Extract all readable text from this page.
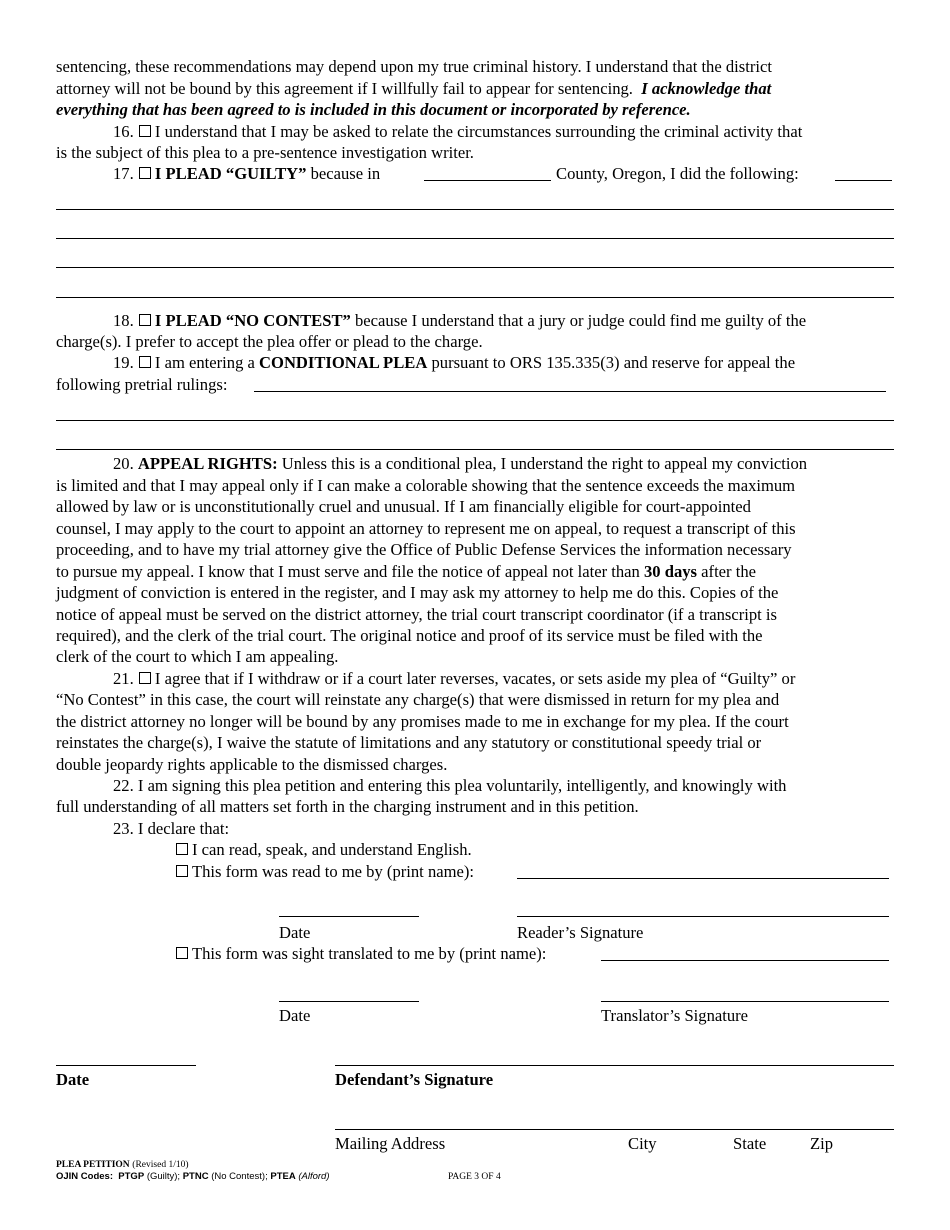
sentencing, these recommendations may depend upon my true criminal history. I understand that the district
attorney will not be bound by this agreement if I willfully fail to appear for sentencing. I acknowledge that
everything that has been agreed to is included in this document or incorporated by reference.
16. I understand that I may be asked to relate the circumstances surrounding the criminal activity that
is the subject of this plea to a pre-sentence investigation writer.
17. I PLEAD “GUILTY” because in	County, Oregon, I did the following:
18. I PLEAD “NO CONTEST” because I understand that a jury or judge could find me guilty of the
charge(s). I prefer to accept the plea offer or plead to the charge.
19. I am entering a CONDITIONAL PLEA pursuant to ORS 135.335(3) and reserve for appeal the
following pretrial rulings:
20. APPEAL RIGHTS: Unless this is a conditional plea, I understand the right to appeal my conviction
is limited and that I may appeal only if I can make a colorable showing that the sentence exceeds the maximum
allowed by law or is unconstitutionally cruel and unusual. If I am financially eligible for court-appointed
counsel, I may apply to the court to appoint an attorney to represent me on appeal, to request a transcript of this
proceeding, and to have my trial attorney give the Office of Public Defense Services the information necessary
to pursue my appeal. I know that I must serve and file the notice of appeal not later than 30 days after the
judgment of conviction is entered in the register, and I may ask my attorney to help me do this. Copies of the
notice of appeal must be served on the district attorney, the trial court transcript coordinator (if a transcript is
required), and the clerk of the trial court. The original notice and proof of its service must be filed with the
clerk of the court to which I am appealing.
21. I agree that if I withdraw or if a court later reverses, vacates, or sets aside my plea of “Guilty” or
“No Contest” in this case, the court will reinstate any charge(s) that were dismissed in return for my plea and
the district attorney no longer will be bound by any promises made to me in exchange for my plea. If the court
reinstates the charge(s), I waive the statute of limitations and any statutory or constitutional speedy trial or
double jeopardy rights applicable to the dismissed charges.
22. I am signing this plea petition and entering this plea voluntarily, intelligently, and knowingly with
full understanding of all matters set forth in the charging instrument and in this petition.
23. I declare that:
I can read, speak, and understand English.
This form was read to me by (print name):
Date	Reader’s Signature
This form was sight translated to me by (print name):
Date	Translator’s Signature
Date	Defendant’s Signature
Mailing Address	City	State	Zip
PLEA PETITION (Revised 1/10)
OJIN Codes: PTGP (Guilty); PTNC (No Contest); PTEA (Alford)	PAGE 3 OF 4
